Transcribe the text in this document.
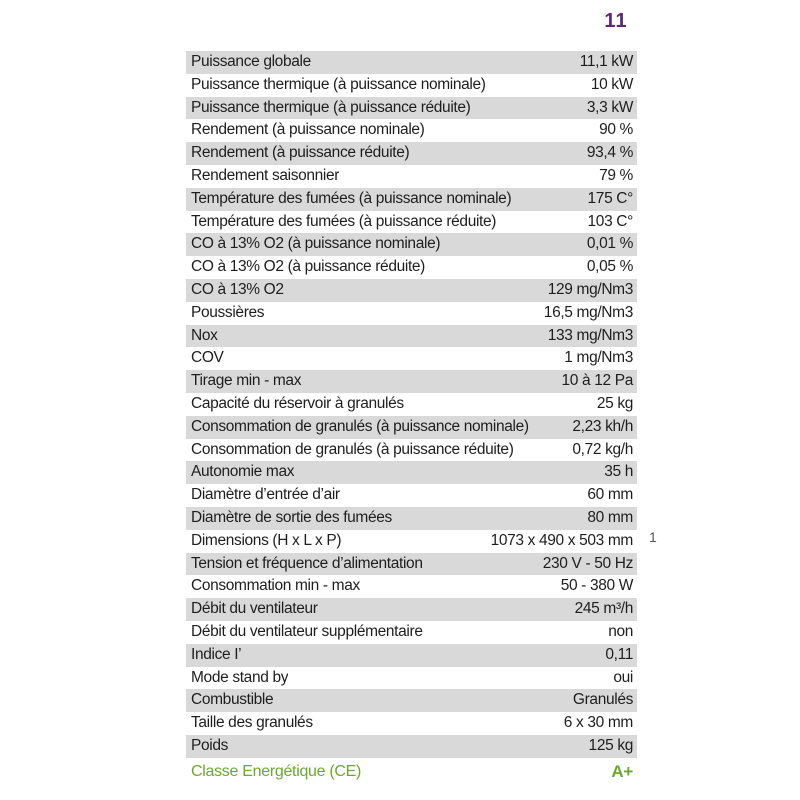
11
Puissance globale	11,1 kW
Puissance thermique (à puissance nominale)	10 kW
Puissance thermique (à puissance réduite)	3,3 kW
Rendement (à puissance nominale)	90 %
Rendement (à puissance réduite)	93,4 %
Rendement saisonnier	79 %
Température des fumées (à puissance nominale)	175 C°
Température des fumées (à puissance réduite)	103 C°
CO à 13% O2 (à puissance nominale)	0,01 %
CO à 13% O2 (à puissance réduite)	0,05 %
CO à 13% O2	129 mg/Nm3
Poussières	16,5 mg/Nm3
Nox	133 mg/Nm3
COV	1 mg/Nm3
Tirage min - max	10 à 12 Pa
Capacité du réservoir à granulés	25 kg
Consommation de granulés (à puissance nominale)	2,23 kh/h
Consommation de granulés (à puissance réduite)	0,72 kg/h
Autonomie max	35 h
Diamètre d’entrée d’air	60 mm
Diamètre de sortie des fumées	80 mm
Dimensions (H x L x P)	1073 x 490 x 503 mm
Tension et fréquence d’alimentation	230 V - 50 Hz
Consommation min - max	50 - 380 W
Débit du ventilateur	245 m³/h
Débit du ventilateur supplémentaire	non
Indice I’	0,11
Mode stand by	oui
Combustible	Granulés
Taille des granulés	6 x 30 mm
Poids	125 kg
1
Classe Energétique (CE)	A+
